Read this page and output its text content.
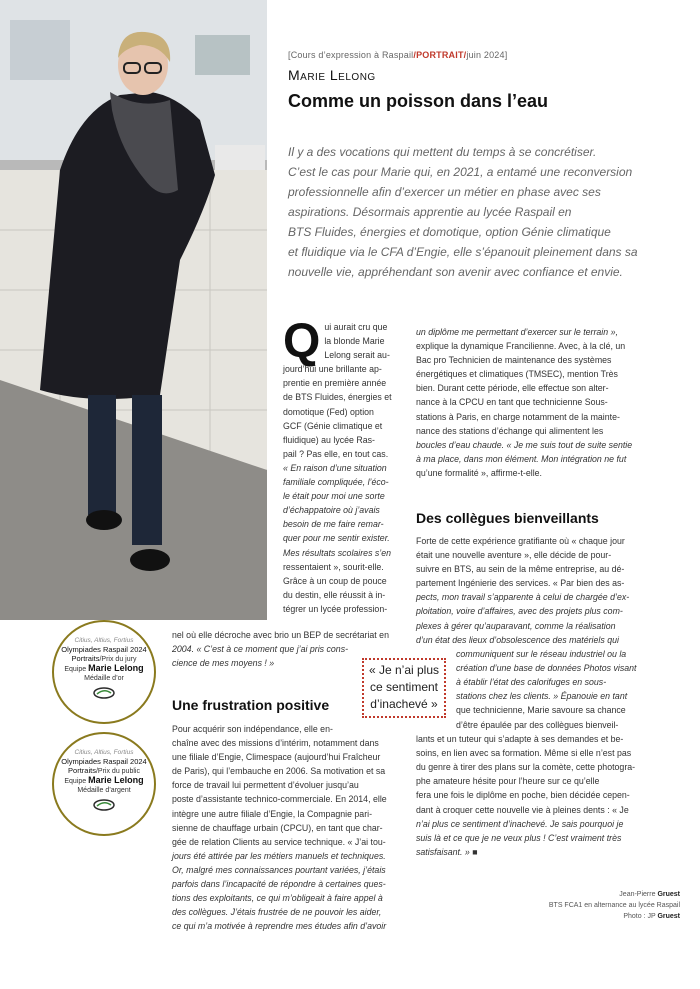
[Cours d’expression à Raspail/PORTRAIT/juin 2024]
Marie Lelong
Comme un poisson dans l’eau
Il y a des vocations qui mettent du temps à se concrétiser.
C’est le cas pour Marie qui, en 2021, a entamé une reconversion
professionnelle afin d’exercer un métier en phase avec ses
aspirations. Désormais apprentie au lycée Raspail en
BTS Fluides, énergies et domotique, option Génie climatique
et fluidique via le CFA d’Engie, elle s’épanouit pleinement dans sa
nouvelle vie, appréhendant son avenir avec confiance et envie.
Q ui aurait cru que
la blonde Marie
Lelong serait au-
jourd’hui une brillante ap-
prentie en première année
de BTS Fluides, énergies et
domotique (Fed) option
GCF (Génie climatique et
fluidique) au lycée Ras-
pail ? Pas elle, en tout cas.
« En raison d’une situation
familiale compliquée, l’éco-
le était pour moi une sorte
d’échappatoire où j’avais
besoin de me faire remar-
quer pour me sentir exister.
Mes résultats scolaires s’en
ressentaient », sourit-elle.
Grâce à un coup de pouce
du destin, elle réussit à in-
tégrer un lycée profession-
nel où elle décroche avec brio un BEP de secrétariat en
2004. « C’est à ce moment que j’ai pris cons-
cience de mes moyens ! »
Une frustration positive
Pour acquérir son indépendance, elle en-
chaîne avec des missions d’intérim, notamment dans
une filiale d’Engie, Climespace (aujourd’hui Fraîcheur
de Paris), qui l’embauche en 2006. Sa motivation et sa
force de travail lui permettent d’évoluer jusqu’au
poste d’assistante technico-commerciale. En 2014, elle
intègre une autre filiale d’Engie, la Compagnie pari-
sienne de chauffage urbain (CPCU), en tant que char-
gée de relation Clients au service technique. « J’ai tou-
jours été attirée par les métiers manuels et techniques.
Or, malgré mes connaissances pourtant variées, j’étais
parfois dans l’incapacité de répondre à certaines ques-
tions des exploitants, ce qui m’obligeait à faire appel à
des collègues. J’étais frustrée de ne pouvoir les aider,
ce qui m’a motivée à reprendre mes études afin d’avoir
un diplôme me permettant d’exercer sur le terrain »,
explique la dynamique Francilienne. Avec, à la clé, un
Bac pro Technicien de maintenance des systèmes
énergétiques et climatiques (TMSEC), mention Très
bien. Durant cette période, elle effectue son alter-
nance à la CPCU en tant que technicienne Sous-
stations à Paris, en charge notamment de la mainte-
nance des stations d’échange qui alimentent les
boucles d’eau chaude. « Je me suis tout de suite sentie
à ma place, dans mon élément. Mon intégration ne fut
qu’une formalité », affirme-t-elle.
Des collègues bienveillants
Forte de cette expérience gratifiante où « chaque jour
était une nouvelle aventure », elle décide de pour-
suivre en BTS, au sein de la même entreprise, au dé-
partement Ingénierie des services. « Par bien des as-
pects, mon travail s’apparente à celui de chargée d’ex-
ploitation, voire d’affaires, avec des projets plus com-
plexes à gérer qu’auparavant, comme la réalisation
d’un état des lieux d’obsolescence des matériels qui
communiquent sur le réseau industriel ou la
création d’une base de données Photos visant
à établir l’état des calorifuges en sous-
stations chez les clients. » Épanouie en tant
que technicienne, Marie savoure sa chance
d’être épaulée par des collègues bienveil-
lants et un tuteur qui s’adapte à ses demandes et be-
soins, en lien avec sa formation. Même si elle n’est pas
du genre à tirer des plans sur la comète, cette photogra-
phe amateure hésite pour l’heure sur ce qu’elle
fera une fois le diplôme en poche, bien décidée cepen-
dant à croquer cette nouvelle vie à pleines dents : « Je
n’ai plus ce sentiment d’inachevé. Je sais pourquoi je
suis là et ce que je ne veux plus ! C’est vraiment très
satisfaisant. » ■
« Je n’ai plus
ce sentiment
d’inachevé »
Citius, Altius, Fortius
Olympiades Raspail 2024
Portraits/Prix du jury
Equipe Marie Lelong
Médaille d’or
Citius, Altius, Fortius
Olympiades Raspail 2024
Portraits/Prix du public
Equipe Marie Lelong
Médaille d’argent
Jean-Pierre Gruest
BTS FCA1 en alternance au lycée Raspail
Photo : JP Gruest
